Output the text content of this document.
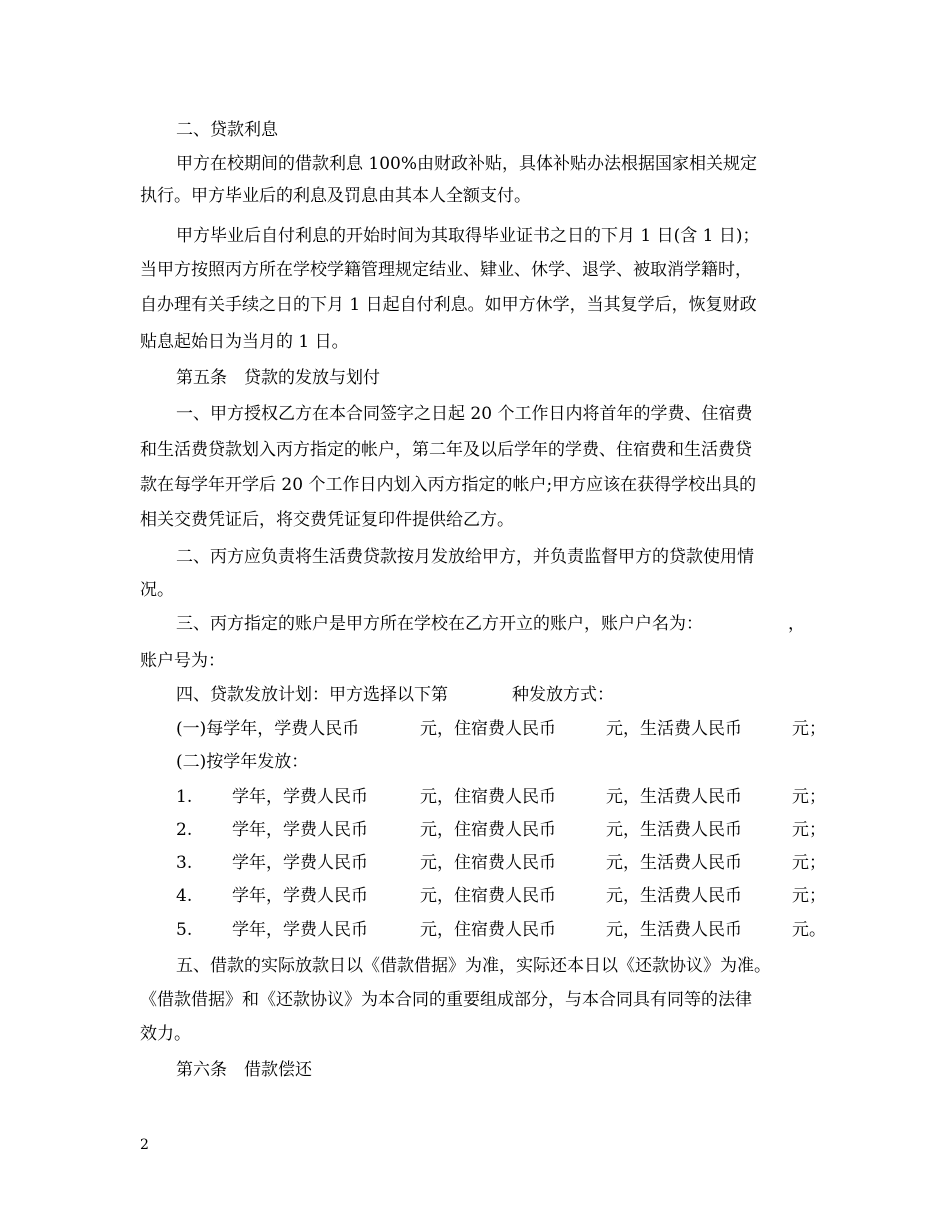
二、贷款利息
甲方在校期间的借款利息 100%由财政补贴，具体补贴办法根据国家相关规定
执行。甲方毕业后的利息及罚息由其本人全额支付。
甲方毕业后自付利息的开始时间为其取得毕业证书之日的下月 1 日(含 1 日)；
当甲方按照丙方所在学校学籍管理规定结业、肄业、休学、退学、被取消学籍时，
自办理有关手续之日的下月 1 日起自付利息。如甲方休学，当其复学后，恢复财政
贴息起始日为当月的 1 日。
第五条　贷款的发放与划付
一、甲方授权乙方在本合同签字之日起 20 个工作日内将首年的学费、住宿费
和生活费贷款划入丙方指定的帐户，第二年及以后学年的学费、住宿费和生活费贷
款在每学年开学后 20 个工作日内划入丙方指定的帐户;甲方应该在获得学校出具的
相关交费凭证后，将交费凭证复印件提供给乙方。
二、丙方应负责将生活费贷款按月发放给甲方，并负责监督甲方的贷款使用情
况。
三、丙方指定的账户是甲方所在学校在乙方开立的账户，账户户名为：	，
账户号为：
四、贷款发放计划：甲方选择以下第	种发放方式：
(一)每学年，学费人民币	元，住宿费人民币	元，生活费人民币	元；
(二)按学年发放：
1. 学年，学费人民币	元，住宿费人民币	元，生活费人民币	元；
2. 学年，学费人民币	元，住宿费人民币	元，生活费人民币	元；
3. 学年，学费人民币	元，住宿费人民币	元，生活费人民币	元；
4. 学年，学费人民币	元，住宿费人民币	元，生活费人民币	元；
5. 学年，学费人民币	元，住宿费人民币	元，生活费人民币	元。
五、借款的实际放款日以《借款借据》为准，实际还本日以《还款协议》为准。
《借款借据》和《还款协议》为本合同的重要组成部分，与本合同具有同等的法律
效力。
第六条　借款偿还
2
